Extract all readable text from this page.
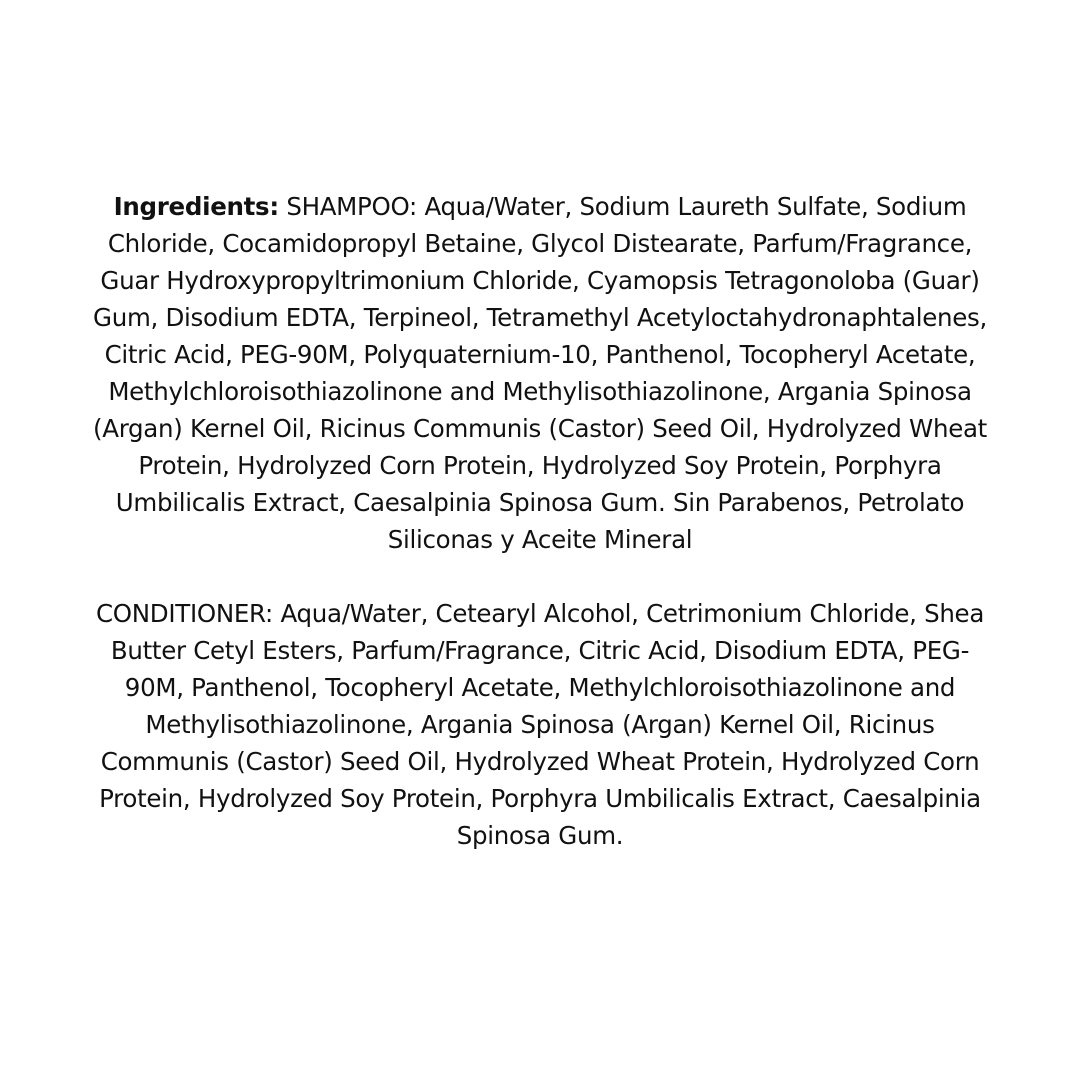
Ingredients: SHAMPOO: Aqua/Water, Sodium Laureth Sulfate, Sodium Chloride, Cocamidopropyl Betaine, Glycol Distearate, Parfum/Fragrance, Guar Hydroxypropyltrimonium Chloride, Cyamopsis Tetragonoloba (Guar) Gum, Disodium EDTA, Terpineol, Tetramethyl Acetyloctahydronaphtalenes, Citric Acid, PEG-90M, Polyquaternium-10, Panthenol, Tocopheryl Acetate, Methylchloroisothiazolinone and Methylisothiazolinone, Argania Spinosa (Argan) Kernel Oil, Ricinus Communis (Castor) Seed Oil, Hydrolyzed Wheat Protein, Hydrolyzed Corn Protein, Hydrolyzed Soy Protein, Porphyra Umbilicalis Extract, Caesalpinia Spinosa Gum. Sin Parabenos, Petrolato Siliconas y Aceite Mineral

CONDITIONER: Aqua/Water, Cetearyl Alcohol, Cetrimonium Chloride, Shea Butter Cetyl Esters, Parfum/Fragrance, Citric Acid, Disodium EDTA, PEG-90M, Panthenol, Tocopheryl Acetate, Methylchloroisothiazolinone and Methylisothiazolinone, Argania Spinosa (Argan) Kernel Oil, Ricinus Communis (Castor) Seed Oil, Hydrolyzed Wheat Protein, Hydrolyzed Corn Protein, Hydrolyzed Soy Protein, Porphyra Umbilicalis Extract, Caesalpinia Spinosa Gum.
